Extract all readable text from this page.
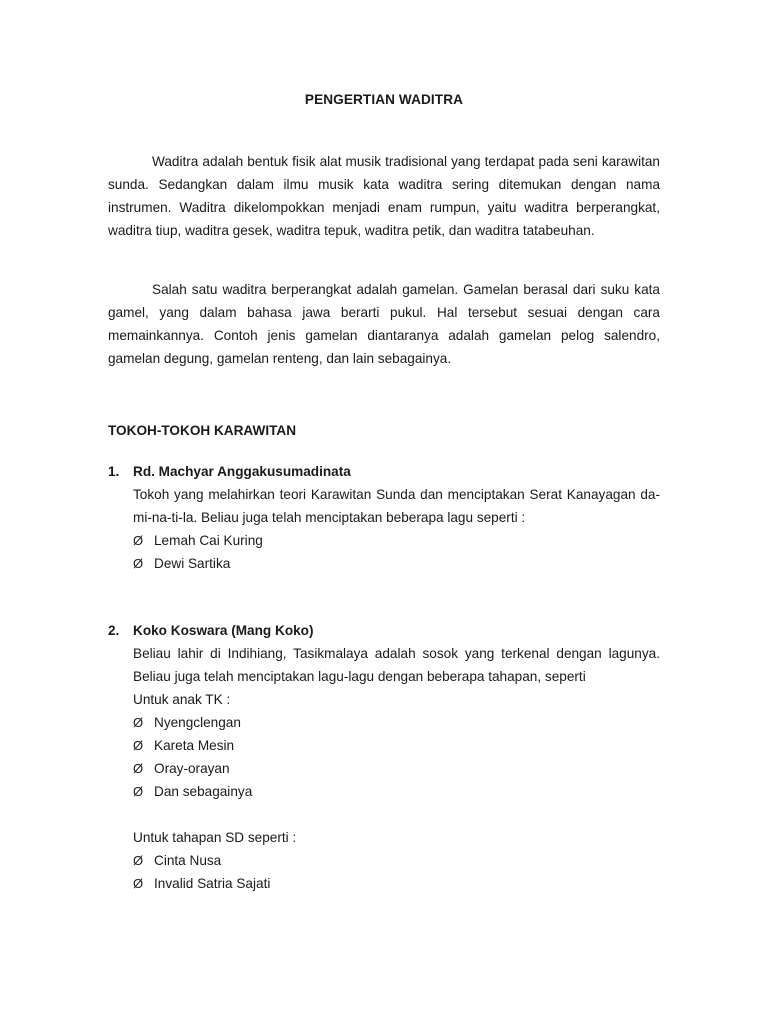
PENGERTIAN WADITRA

Waditra adalah bentuk fisik alat musik tradisional yang terdapat pada seni karawitan sunda. Sedangkan dalam ilmu musik kata waditra sering ditemukan dengan nama instrumen. Waditra dikelompokkan menjadi enam rumpun, yaitu waditra berperangkat, waditra tiup, waditra gesek, waditra tepuk, waditra petik, dan waditra tatabeuhan.

Salah satu waditra berperangkat adalah gamelan. Gamelan berasal dari suku kata gamel, yang dalam bahasa jawa berarti pukul. Hal tersebut sesuai dengan cara memainkannya. Contoh jenis gamelan diantaranya adalah gamelan pelog salendro, gamelan degung, gamelan renteng, dan lain sebagainya.

TOKOH-TOKOH KARAWITAN
1.	Rd. Machyar Anggakusumadinata

Tokoh yang melahirkan teori Karawitan Sunda dan menciptakan Serat Kanayagan da-mi-na-ti-la. Beliau juga telah menciptakan beberapa lagu seperti :

Ø Lemah Cai Kuring
Ø Dewi Sartika
2.	Koko Koswara (Mang Koko)

Beliau lahir di Indihiang, Tasikmalaya adalah sosok yang terkenal dengan lagunya. Beliau juga telah menciptakan lagu-lagu dengan beberapa tahapan, seperti

Untuk anak TK :
Ø Nyengclengan
Ø Kareta Mesin
Ø Oray-orayan
Ø Dan sebagainya
Untuk tahapan SD seperti :
Ø Cinta Nusa
Ø Invalid Satria Sajati
